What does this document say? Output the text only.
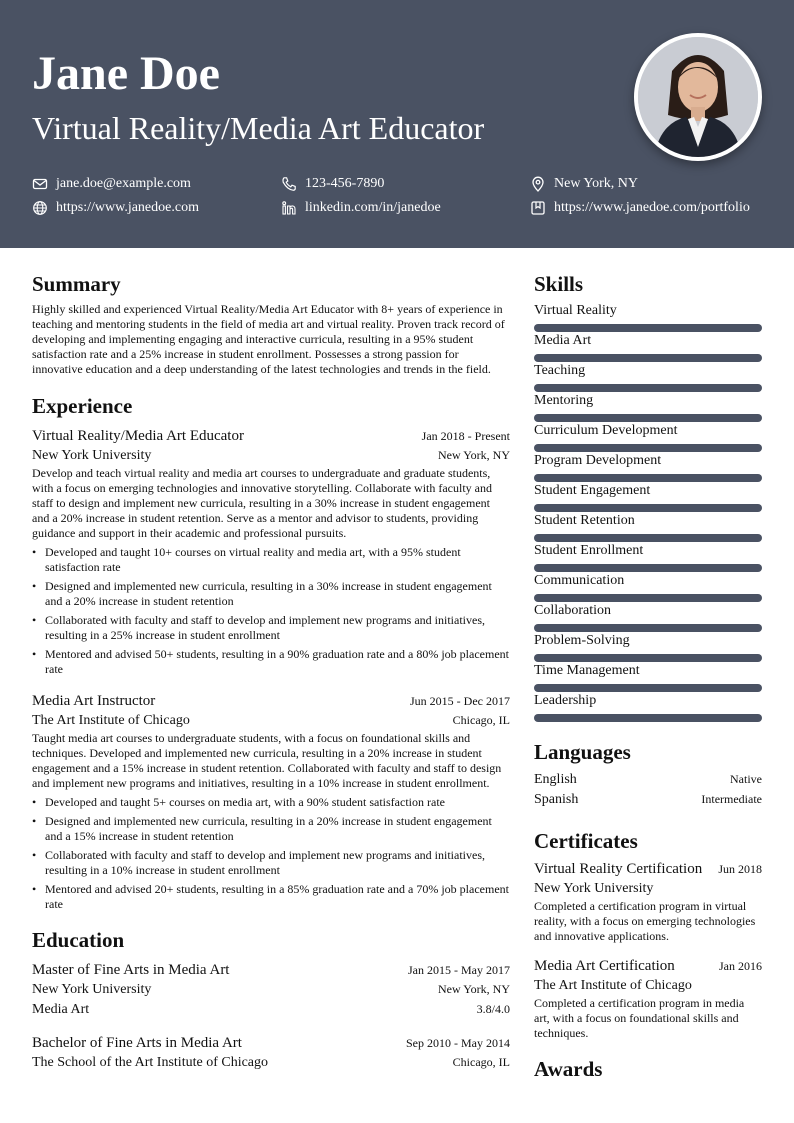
Jane Doe
Virtual Reality/Media Art Educator
jane.doe@example.com	123-456-7890	New York, NY
https://www.janedoe.com	linkedin.com/in/janedoe	https://www.janedoe.com/portfolio
Summary
Highly skilled and experienced Virtual Reality/Media Art Educator with 8+ years of experience in teaching and mentoring students in the field of media art and virtual reality. Proven track record of developing and implementing engaging and interactive curricula, resulting in a 95% student satisfaction rate and a 25% increase in student enrollment. Possesses a strong passion for innovative education and a deep understanding of the latest technologies and trends in the field.
Experience
Virtual Reality/Media Art Educator	Jan 2018 - Present
New York University	New York, NY
Develop and teach virtual reality and media art courses to undergraduate and graduate students, with a focus on emerging technologies and innovative storytelling. Collaborate with faculty and staff to design and implement new curricula, resulting in a 30% increase in student engagement and a 20% increase in student retention. Serve as a mentor and advisor to students, providing guidance and support in their academic and professional pursuits.
• Developed and taught 10+ courses on virtual reality and media art, with a 95% student satisfaction rate
• Designed and implemented new curricula, resulting in a 30% increase in student engagement and a 20% increase in student retention
• Collaborated with faculty and staff to develop and implement new programs and initiatives, resulting in a 25% increase in student enrollment
• Mentored and advised 50+ students, resulting in a 90% graduation rate and a 80% job placement rate
Media Art Instructor	Jun 2015 - Dec 2017
The Art Institute of Chicago	Chicago, IL
Taught media art courses to undergraduate students, with a focus on foundational skills and techniques. Developed and implemented new curricula, resulting in a 20% increase in student engagement and a 15% increase in student retention. Collaborated with faculty and staff to design and implement new programs and initiatives, resulting in a 10% increase in student enrollment.
• Developed and taught 5+ courses on media art, with a 90% student satisfaction rate
• Designed and implemented new curricula, resulting in a 20% increase in student engagement and a 15% increase in student retention
• Collaborated with faculty and staff to develop and implement new programs and initiatives, resulting in a 10% increase in student enrollment
• Mentored and advised 20+ students, resulting in a 85% graduation rate and a 70% job placement rate
Education
Master of Fine Arts in Media Art	Jan 2015 - May 2017
New York University	New York, NY
Media Art	3.8/4.0
Bachelor of Fine Arts in Media Art	Sep 2010 - May 2014
The School of the Art Institute of Chicago	Chicago, IL
Skills
Virtual Reality
Media Art
Teaching
Mentoring
Curriculum Development
Program Development
Student Engagement
Student Retention
Student Enrollment
Communication
Collaboration
Problem-Solving
Time Management
Leadership
Languages
English	Native
Spanish	Intermediate
Certificates
Virtual Reality Certification Jun 2018
New York University
Completed a certification program in virtual reality, with a focus on emerging technologies and innovative applications.
Media Art Certification	Jan 2016
The Art Institute of Chicago
Completed a certification program in media art, with a focus on foundational skills and techniques.
Awards
